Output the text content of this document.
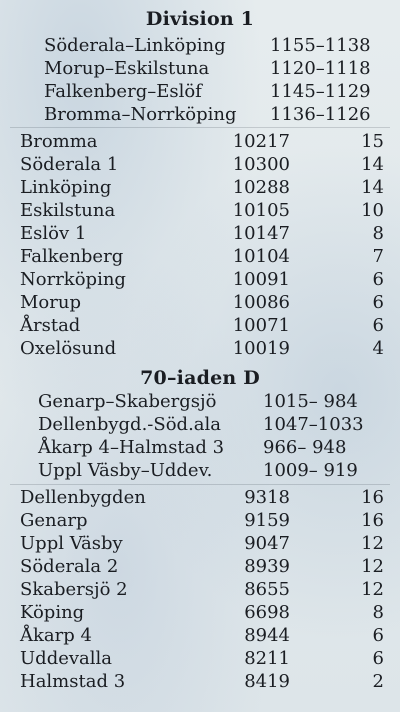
Division 1
Söderala–Linköping 1155–1138
Morup–Eskilstuna	1120–1118
Falkenberg–Eslöf	1145–1129
Bromma–Norrköping 1136–1126
Bromma	10217	15
Söderala 1	10300	14
Linköping	10288	14
Eskilstuna	10105	10
Eslöv 1	10147	8
Falkenberg	10104	7
Norrköping	10091	6
Morup	10086	6
Årstad	10071	6
Oxelösund	10019	4
70–iaden D
Genarp–Skabergsjö	1015– 984
Dellenbygd.-Söd.ala 1047–1033
Åkarp 4–Halmstad 3 966– 948
Uppl Väsby–Uddev.	1009– 919
Dellenbygden	9318	16
Genarp	9159	16
Uppl Väsby	9047	12
Söderala 2	8939	12
Skabersjö 2	8655	12
Köping	6698	8
Åkarp 4	8944	6
Uddevalla	8211	6
Halmstad 3	8419	2
